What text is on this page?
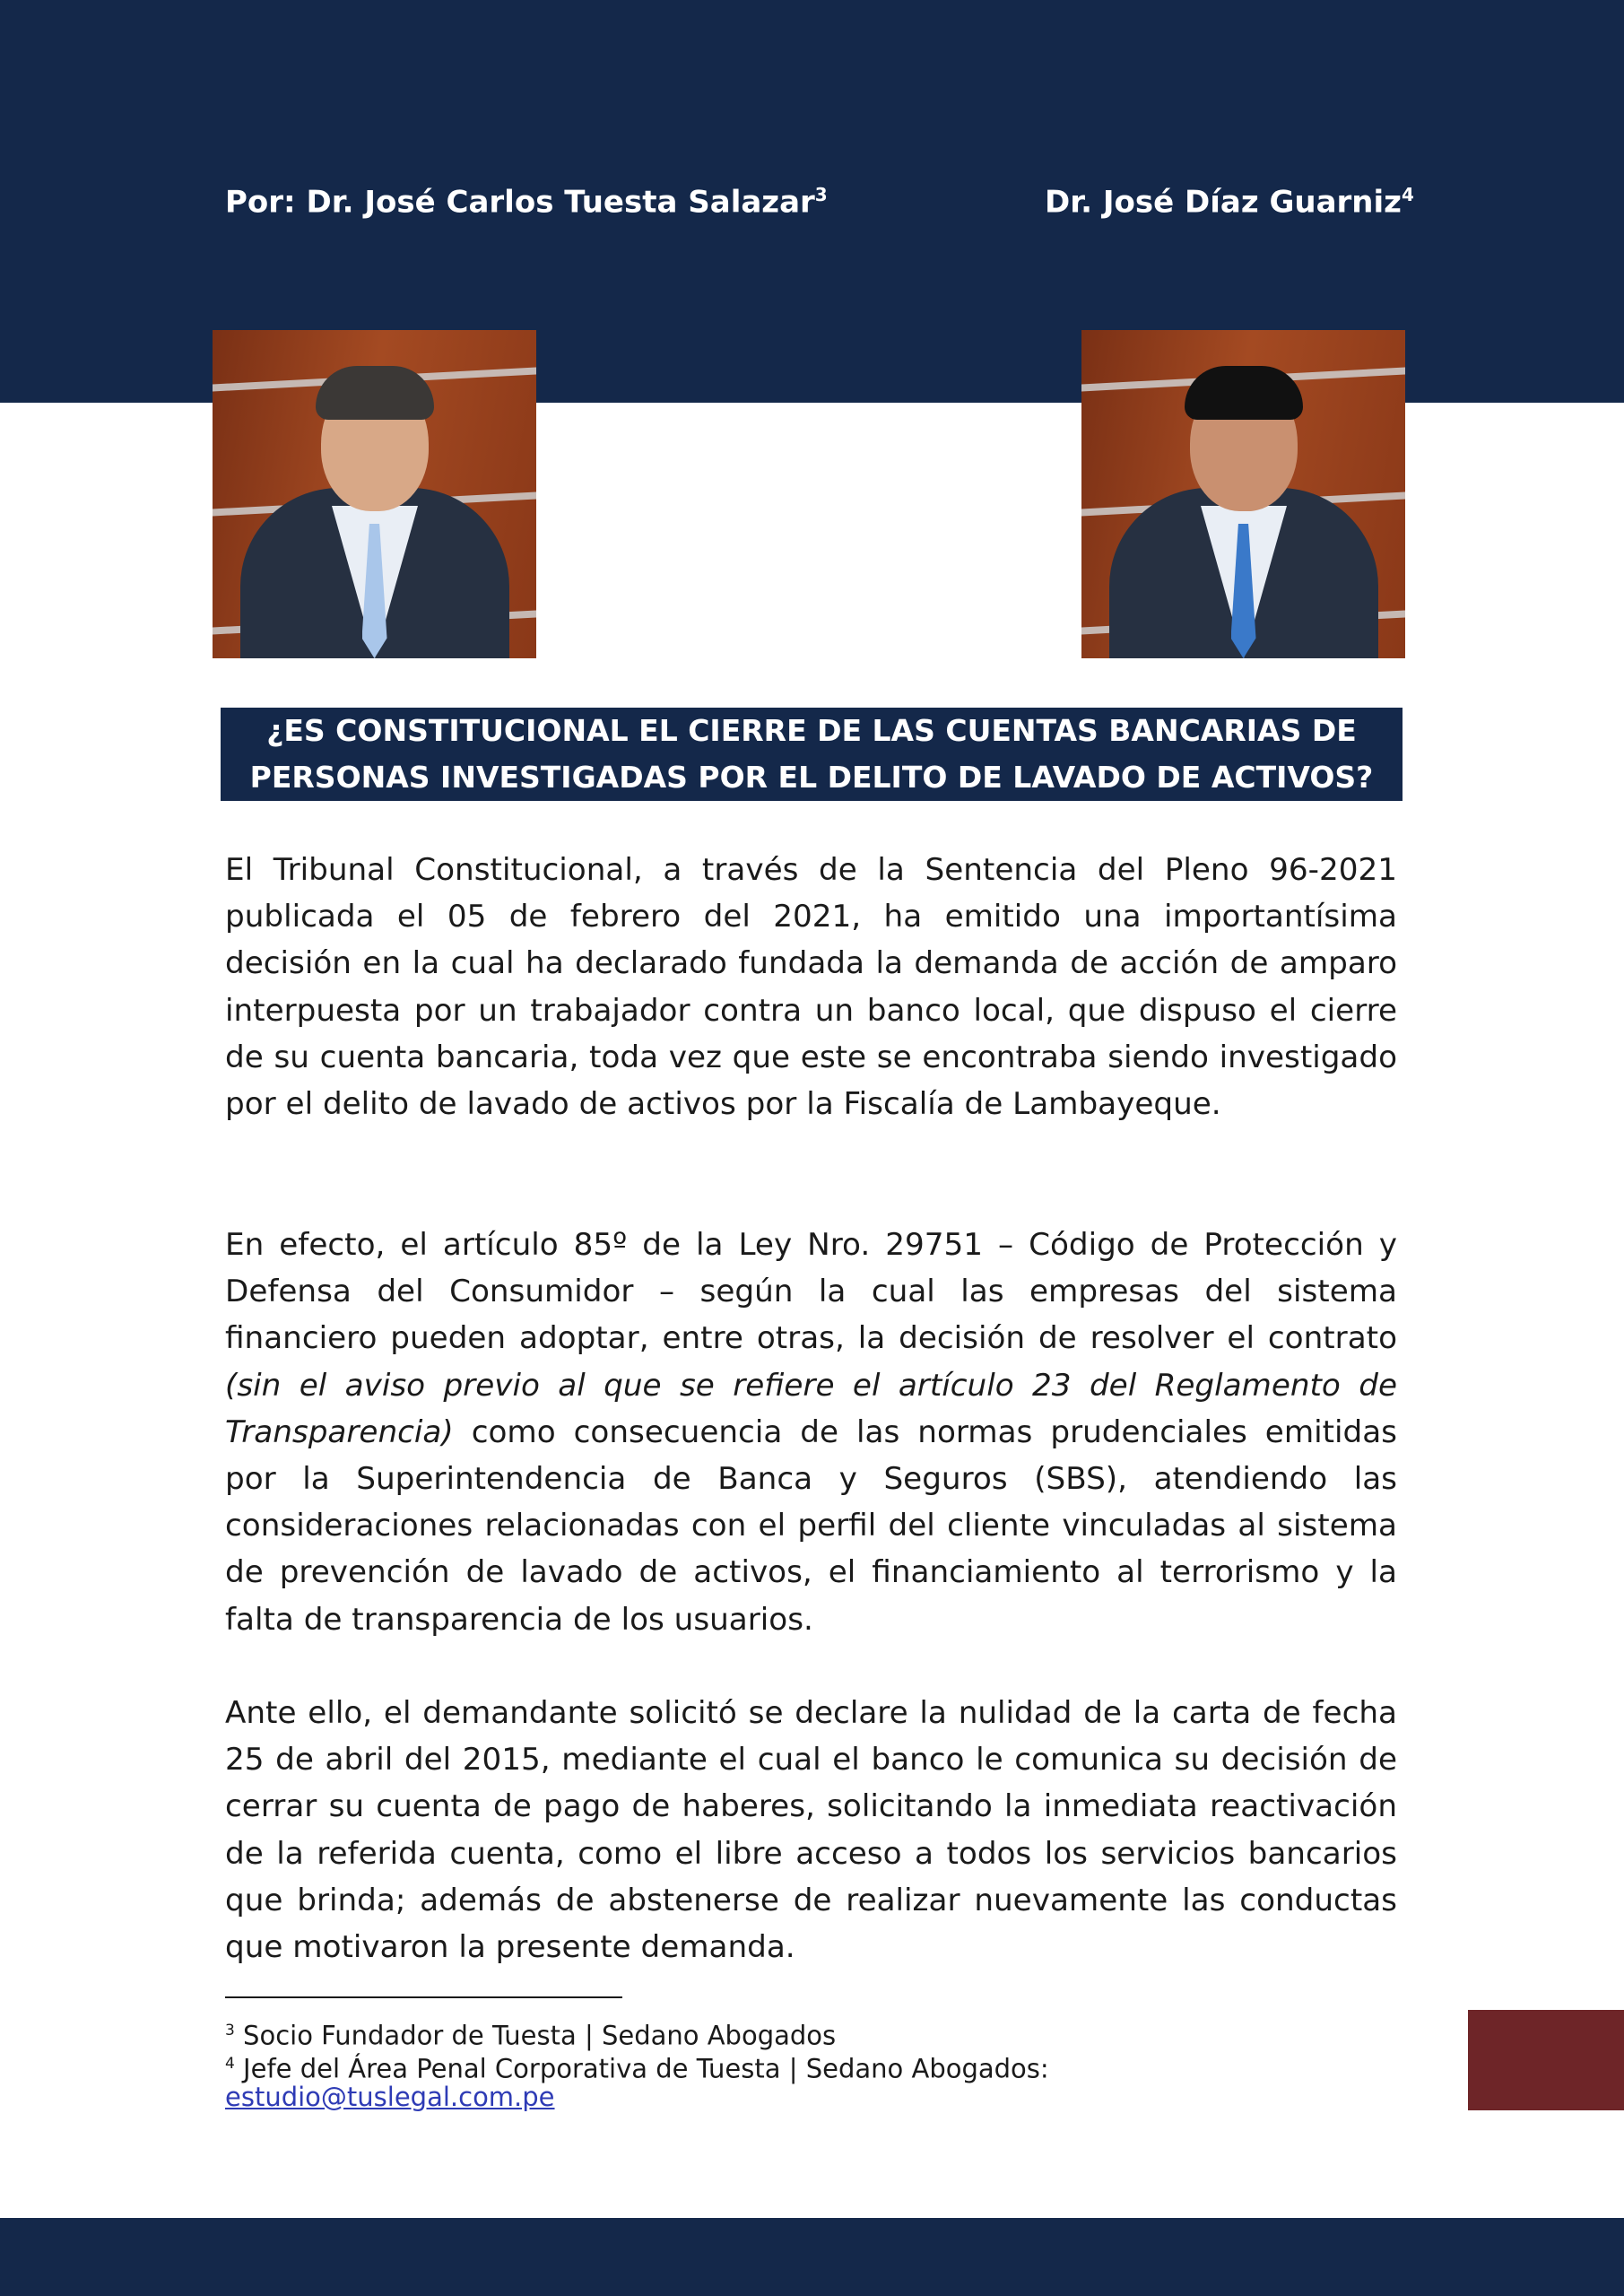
Por: Dr. José Carlos Tuesta Salazar$^3$	Dr. José Díaz Guarniz$^4$
¿ES CONSTITUCIONAL EL CIERRE DE LAS CUENTAS BANCARIAS DE
PERSONAS INVESTIGADAS POR EL DELITO DE LAVADO DE ACTIVOS?

El Tribunal Constitucional, a través de la Sentencia del Pleno 96-2021 publicada el 05 de febrero del 2021, ha emitido una importantísima decisión en la cual ha declarado fundada la demanda de acción de amparo interpuesta por un trabajador contra un banco local, que dispuso el cierre de su cuenta bancaria, toda vez que este se encontraba siendo investigado por el delito de lavado de activos por la Fiscalía de Lambayeque.

En efecto, el artículo 85º de la Ley Nro. 29751 – Código de Protección y Defensa del Consumidor – según la cual las empresas del sistema financiero pueden adoptar, entre otras, la decisión de resolver el contrato (sin el aviso previo al que se refiere el artículo 23 del Reglamento de Transparencia) como consecuencia de las normas prudenciales emitidas por la Superintendencia de Banca y Seguros (SBS), atendiendo las consideraciones relacionadas con el perfil del cliente vinculadas al sistema de prevención de lavado de activos, el financiamiento al terrorismo y la falta de transparencia de los usuarios.

Ante ello, el demandante solicitó se declare la nulidad de la carta de fecha 25 de abril del 2015, mediante el cual el banco le comunica su decisión de cerrar su cuenta de pago de haberes, solicitando la inmediata reactivación de la referida cuenta, como el libre acceso a todos los servicios bancarios que brinda; además de abstenerse de realizar nuevamente las conductas que motivaron la presente demanda.

$^3$ Socio Fundador de Tuesta | Sedano Abogados
$^4$ Jefe del Área Penal Corporativa de Tuesta | Sedano Abogados:
estudio@tuslegal.com.pe
